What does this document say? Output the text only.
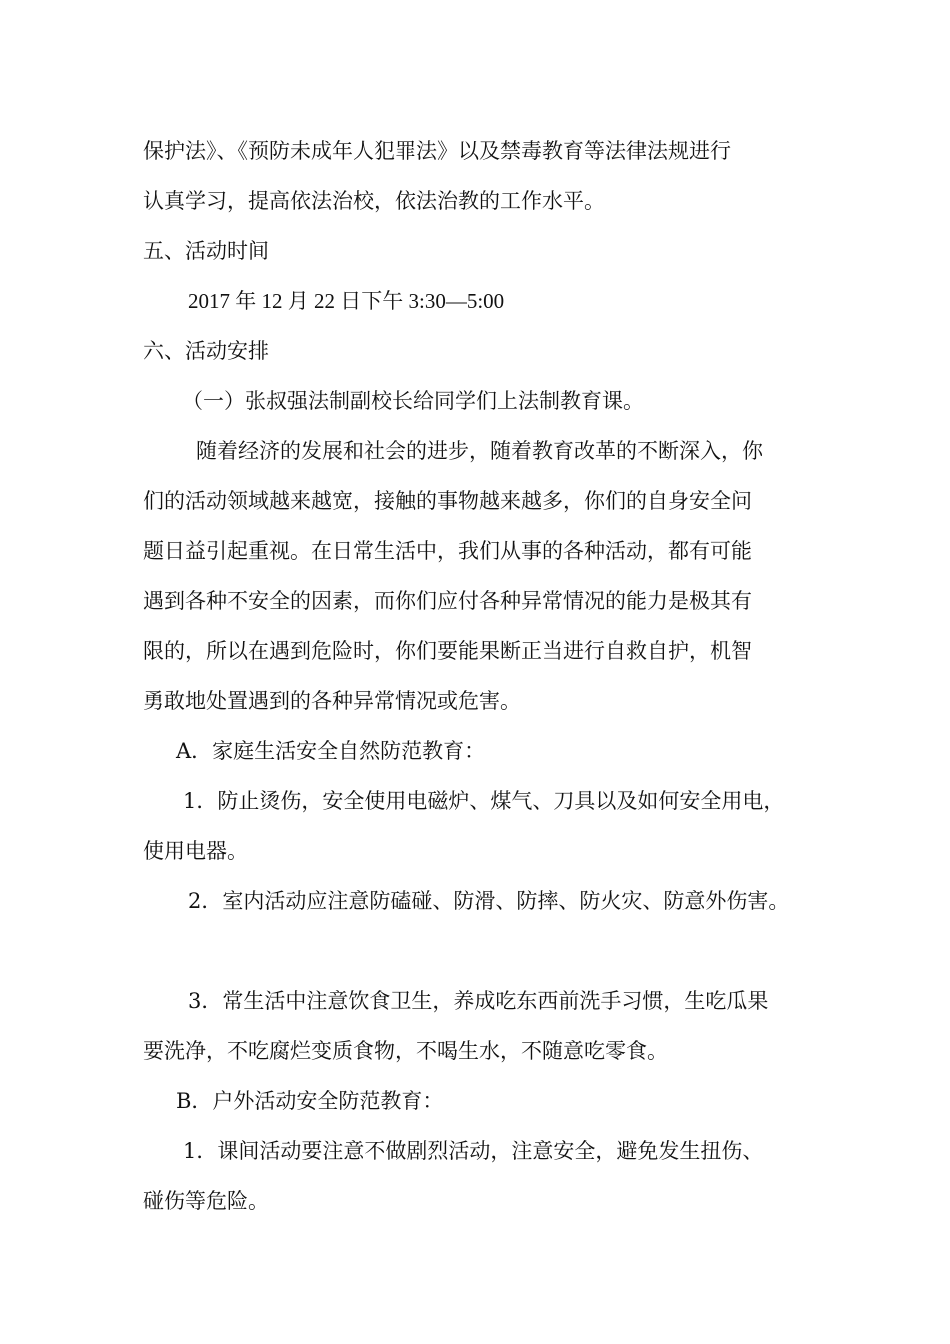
保护法》、《预防未成年人犯罪法》以及禁毒教育等法律法规进行
认真学习，提高依法治校，依法治教的工作水平。
五、活动时间
2017 年 12 月 22 日下午 3:30—5:00
六、活动安排
（一）张叔强法制副校长给同学们上法制教育课。
随着经济的发展和社会的进步，随着教育改革的不断深入，你
们的活动领域越来越宽，接触的事物越来越多，你们的自身安全问
题日益引起重视。在日常生活中，我们从事的各种活动，都有可能
遇到各种不安全的因素，而你们应付各种异常情况的能力是极其有
限的，所以在遇到危险时，你们要能果断正当进行自救自护，机智
勇敢地处置遇到的各种异常情况或危害。
A．家庭生活安全自然防范教育：
1．防止烫伤，安全使用电磁炉、煤气、刀具以及如何安全用电，
使用电器。
2．室内活动应注意防磕碰、防滑、防摔、防火灾、防意外伤害。
3．常生活中注意饮食卫生，养成吃东西前洗手习惯，生吃瓜果
要洗净，不吃腐烂变质食物，不喝生水，不随意吃零食。
B．户外活动安全防范教育：
1．课间活动要注意不做剧烈活动，注意安全，避免发生扭伤、
碰伤等危险。
